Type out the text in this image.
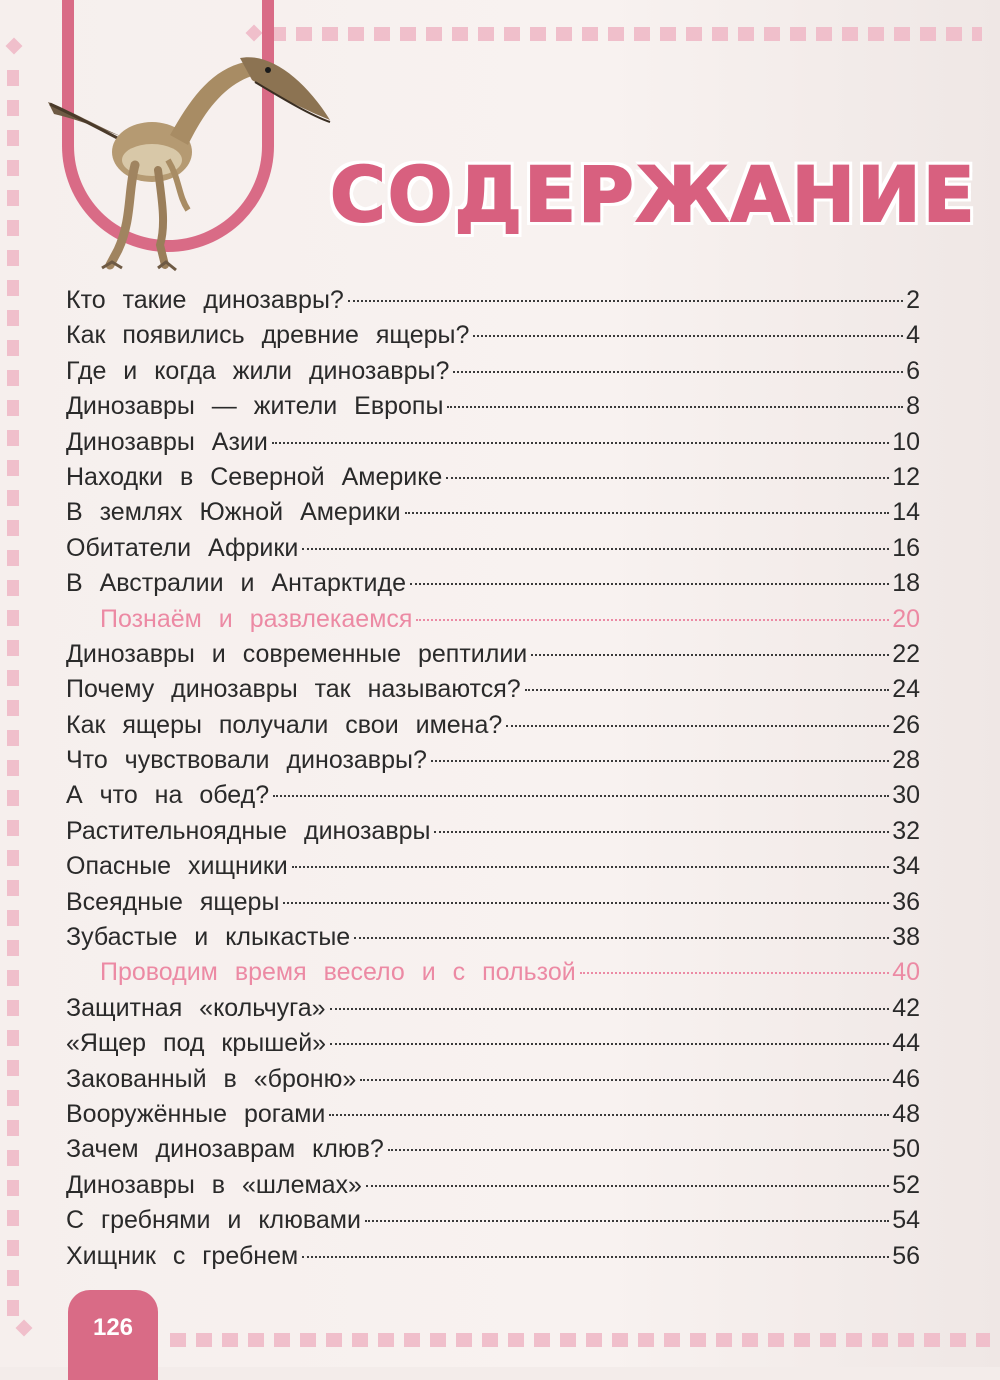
СОДЕРЖАНИЕ
Кто такие динозавры?	2
Как появились древние ящеры?	4
Где и когда жили динозавры?	6
Динозавры — жители Европы	8
Динозавры Азии	10
Находки в Северной Америке	12
В землях Южной Америки	14
Обитатели Африки	16
В Австралии и Антарктиде	18
Познаём и развлекаемся	20
Динозавры и современные рептилии	22
Почему динозавры так называются?	24
Как ящеры получали свои имена?	26
Что чувствовали динозавры?	28
А что на обед?	30
Растительноядные динозавры	32
Опасные хищники	34
Всеядные ящеры	36
Зубастые и клыкастые	38
Проводим время весело и с пользой	40
Защитная «кольчуга»	42
«Ящер под крышей»	44
Закованный в «броню»	46
Вооружённые рогами	48
Зачем динозаврам клюв?	50
Динозавры в «шлемах»	52
С гребнями и клювами	54
Хищник с гребнем	56
126
